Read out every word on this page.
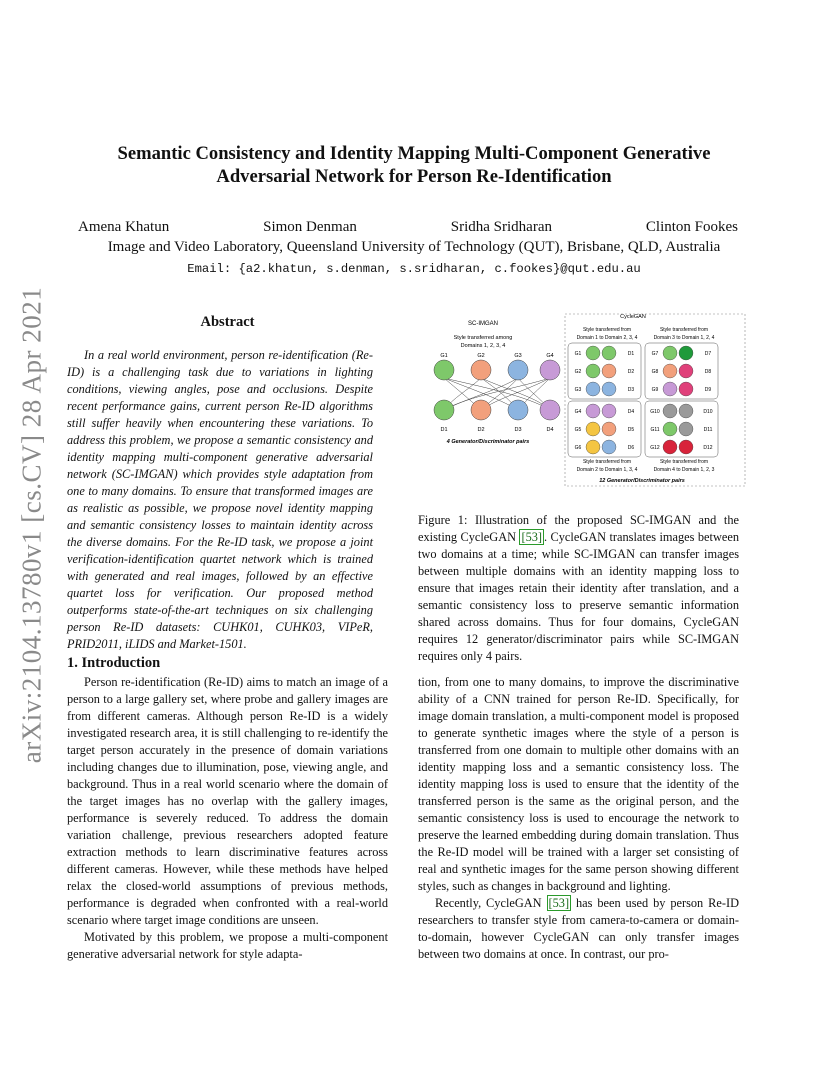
arXiv:2104.13780v1 [cs.CV] 28 Apr 2021
Semantic Consistency and Identity Mapping Multi-Component Generative
Adversarial Network for Person Re-Identification
Amena Khatun	Simon Denman	Sridha Sridharan	Clinton Fookes
Image and Video Laboratory, Queensland University of Technology (QUT), Brisbane, QLD, Australia
Email: {a2.khatun, s.denman, s.sridharan, c.fookes}@qut.edu.au
Abstract

In a real world environment, person re-identification (Re-ID) is a challenging task due to variations in lighting conditions, viewing angles, pose and occlusions. Despite recent performance gains, current person Re-ID algorithms still suffer heavily when encountering these variations. To address this problem, we propose a semantic consistency and identity mapping multi-component generative adversarial network (SC-IMGAN) which provides style adaptation from one to many domains. To ensure that transformed images are as realistic as possible, we propose novel identity mapping and semantic consistency losses to maintain identity across the diverse domains. For the Re-ID task, we propose a joint verification-identification quartet network which is trained with generated and real images, followed by an effective quartet loss for verification. Our proposed method outperforms state-of-the-art techniques on six challenging person Re-ID datasets: CUHK01, CUHK03, VIPeR, PRID2011, iLIDS and Market-1501.

1. Introduction

Person re-identification (Re-ID) aims to match an image of a person to a large gallery set, where probe and gallery images are from different cameras. Although person Re-ID is a widely investigated research area, it is still challenging to re-identify the target person accurately in the presence of domain variations including changes due to illumination, pose, viewing angle, and background. Thus in a real world scenario where the domain of the target images has no overlap with the gallery images, performance is severely reduced. To address the domain variation challenge, previous researchers adopted feature extraction methods to learn discriminative features across different cameras. However, while these methods have helped relax the closed-world assumptions of previous methods, performance is degraded when confronted with a real-world scenario where target image conditions are unseen.

Motivated by this problem, we propose a multi-component generative adversarial network for style adapta-

SC-IMGAN
Style transferred among
Domains 1, 2, 3, 4
G1	G2	G3	G4
D1	D2	D3	D4
4 Generator/Discriminator pairs
CycleGAN
Style transferred from
Domain 1 to Domain 2, 3, 4
Style transferred from
Domain 3 to Domain 1, 2, 4
G1	D1
G2	D2
G3	D3
G7	D7
G8	D8
G9	D9
G4	D4
G5	D5
G6	D6
G10	D10
G11	D11
G12	D12
Style transferred from
Domain 2 to Domain 1, 3, 4
Style transferred from
Domain 4 to Domain 1, 2, 3
12 Generator/Discriminator pairs
Figure 1: Illustration of the proposed SC-IMGAN and the existing CycleGAN [53] . CycleGAN translates images between two domains at a time; while SC-IMGAN can transfer images between multiple domains with an identity mapping loss to ensure that images retain their identity after translation, and a semantic consistency loss to preserve semantic information shared across domains. Thus for four domains, CycleGAN requires 12 generator/discriminator pairs while SC-IMGAN requires only 4 pairs.

tion, from one to many domains, to improve the discriminative ability of a CNN trained for person Re-ID. Specifically, for image domain translation, a multi-component model is proposed to generate synthetic images where the style of a person is transferred from one domain to multiple other domains with an identity mapping loss and a semantic consistency loss. The identity mapping loss is used to ensure that the identity of the transferred person is the same as the original person, and the semantic consistency loss is used to encourage the network to preserve the learned embedding during domain translation. Thus the Re-ID model will be trained with a larger set consisting of real and synthetic images for the same person showing different styles, such as changes in background and lighting.

Recently, CycleGAN [53] has been used by person Re-ID researchers to transfer style from camera-to-camera or domain-to-domain, however CycleGAN can only transfer images between two domains at once. In contrast, our pro-
